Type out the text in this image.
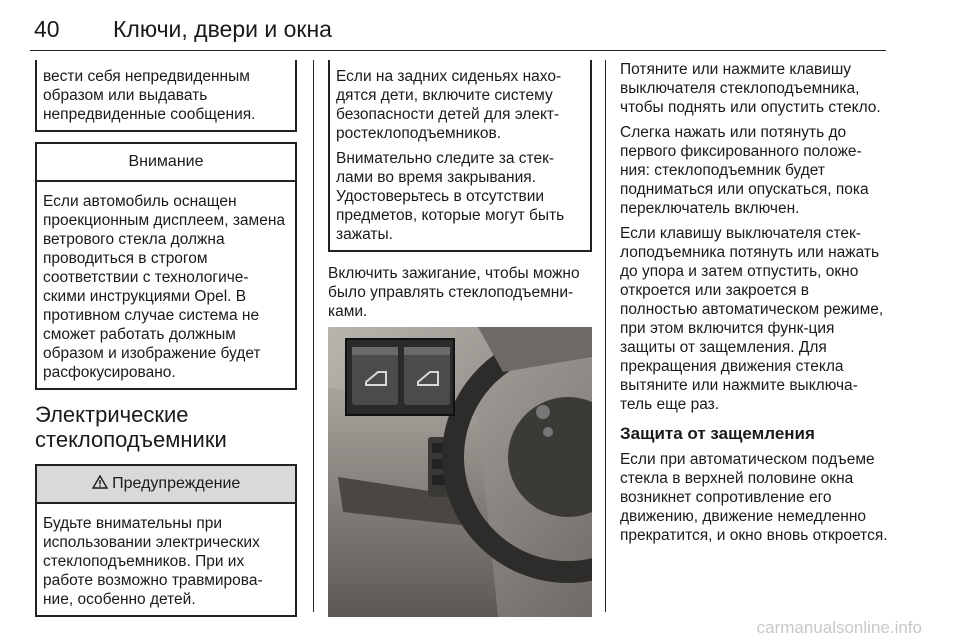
40 Ключи, двери и окна

вести себя непредвиденным образом или выдавать непредвиденные сообщения.

Внимание

Если автомобиль оснащен проекционным дисплеем, замена ветрового стекла должна проводиться в строгом соответствии с технологиче-скими инструкциями Opel. В противном случае система не сможет работать должным образом и изображение будет расфокусировано.

Электрические стеклоподъемники
Предупреждение

Будьте внимательны при использовании электрических стеклоподъемников. При их работе возможно травмирова-ние, особенно детей.

Если на задних сиденьях нахо-дятся дети, включите систему безопасности детей для элект-ростеклоподъемников.

Внимательно следите за стек-лами во время закрывания. Удостоверьтесь в отсутствии предметов, которые могут быть зажаты.

Включить зажигание, чтобы можно было управлять стеклоподъемни-ками.

Потяните или нажмите клавишу выключателя стеклоподъемника, чтобы поднять или опустить стекло.

Слегка нажать или потянуть до первого фиксированного положе-ния: стеклоподъемник будет подниматься или опускаться, пока переключатель включен.

Если клавишу выключателя стек-лоподъемника потянуть или нажать до упора и затем отпустить, окно откроется или закроется в полностью автоматическом режиме, при этом включится функ-ция защиты от защемления. Для прекращения движения стекла вытяните или нажмите выключа-тель еще раз.

Защита от защемления

Если при автоматическом подъеме стекла в верхней половине окна возникнет сопротивление его движению, движение немедленно прекратится, и окно вновь откроется.

carmanualsonline.info
